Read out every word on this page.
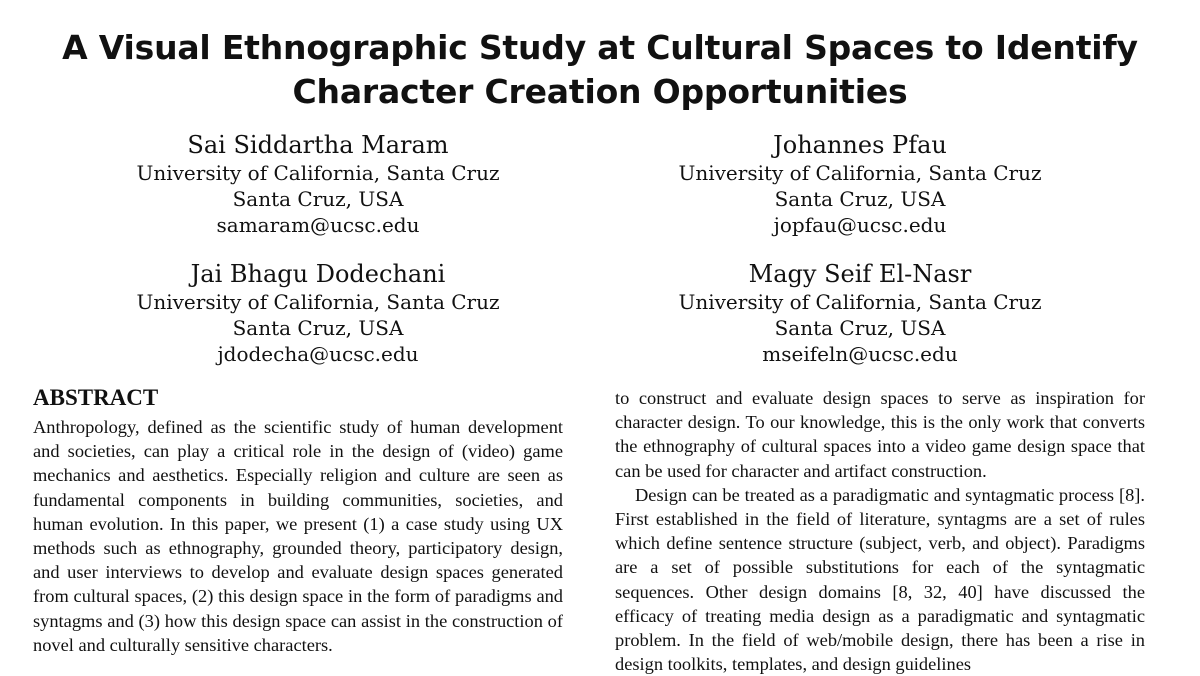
A Visual Ethnographic Study at Cultural Spaces to Identify
Character Creation Opportunities
Sai Siddartha Maram
University of California, Santa Cruz
Santa Cruz, USA
samaram@ucsc.edu
Johannes Pfau
University of California, Santa Cruz
Santa Cruz, USA
jopfau@ucsc.edu
Jai Bhagu Dodechani
University of California, Santa Cruz
Santa Cruz, USA
jdodecha@ucsc.edu
Magy Seif El-Nasr
University of California, Santa Cruz
Santa Cruz, USA
mseifeln@ucsc.edu
ABSTRACT

Anthropology, defined as the scientific study of human development and societies, can play a critical role in the design of (video) game mechanics and aesthetics. Especially religion and culture are seen as fundamental components in building communities, societies, and human evolution. In this paper, we present (1) a case study using UX methods such as ethnography, grounded theory, participatory design, and user interviews to develop and evaluate design spaces generated from cultural spaces, (2) this design space in the form of paradigms and syntagms and (3) how this design space can assist in the construction of novel and culturally sensitive characters.

to construct and evaluate design spaces to serve as inspiration for character design. To our knowledge, this is the only work that converts the ethnography of cultural spaces into a video game design space that can be used for character and artifact construction.

Design can be treated as a paradigmatic and syntagmatic process [8]. First established in the field of literature, syntagms are a set of rules which define sentence structure (subject, verb, and object). Paradigms are a set of possible substitutions for each of the syntagmatic sequences. Other design domains [8, 32, 40] have discussed the efficacy of treating media design as a paradigmatic and syntagmatic problem. In the field of web/mobile design, there has been a rise in design toolkits, templates, and design guidelines
